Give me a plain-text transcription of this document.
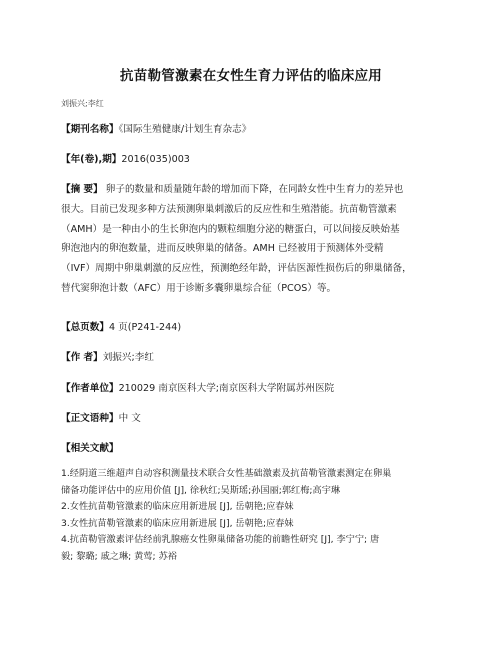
抗苗勒管激素在女性生育力评估的临床应用
刘振兴;李红
【期刊名称】《国际生殖健康/计划生育杂志》
【年(卷),期】2016(035)003
【摘 要】 卵子的数量和质量随年龄的增加而下降，在同龄女性中生育力的差异也
很大。目前已发现多种方法预测卵巢刺激后的反应性和生殖潜能。抗苗勒管激素
（AMH）是一种由小的生长卵泡内的颗粒细胞分泌的糖蛋白，可以间接反映始基
卵泡池内的卵泡数量，进而反映卵巢的储备。AMH 已经被用于预测体外受精
（IVF）周期中卵巢刺激的反应性，预测绝经年龄，评估医源性损伤后的卵巢储备，
替代窦卵泡计数（AFC）用于诊断多囊卵巢综合征（PCOS）等。
【总页数】4 页(P241-244)
【作 者】刘振兴;李红
【作者单位】210029 南京医科大学;南京医科大学附属苏州医院
【正文语种】中 文
【相关文献】
1.经阴道三维超声自动容积测量技术联合女性基础激素及抗苗勒管激素测定在卵巢
储备功能评估中的应用价值 [J], 徐秋红;吴斯瑶;孙国丽;郭红梅;高宇琳
2.女性抗苗勒管激素的临床应用新进展 [J], 岳朝艳;应春妹
3.女性抗苗勒管激素的临床应用新进展 [J], 岳朝艳;应春妹
4.抗苗勒管激素评估经前乳腺癌女性卵巢储备功能的前瞻性研究 [J], 李宁宁; 唐
毅; 黎璐; 戚之琳; 黄莺; 苏裕
